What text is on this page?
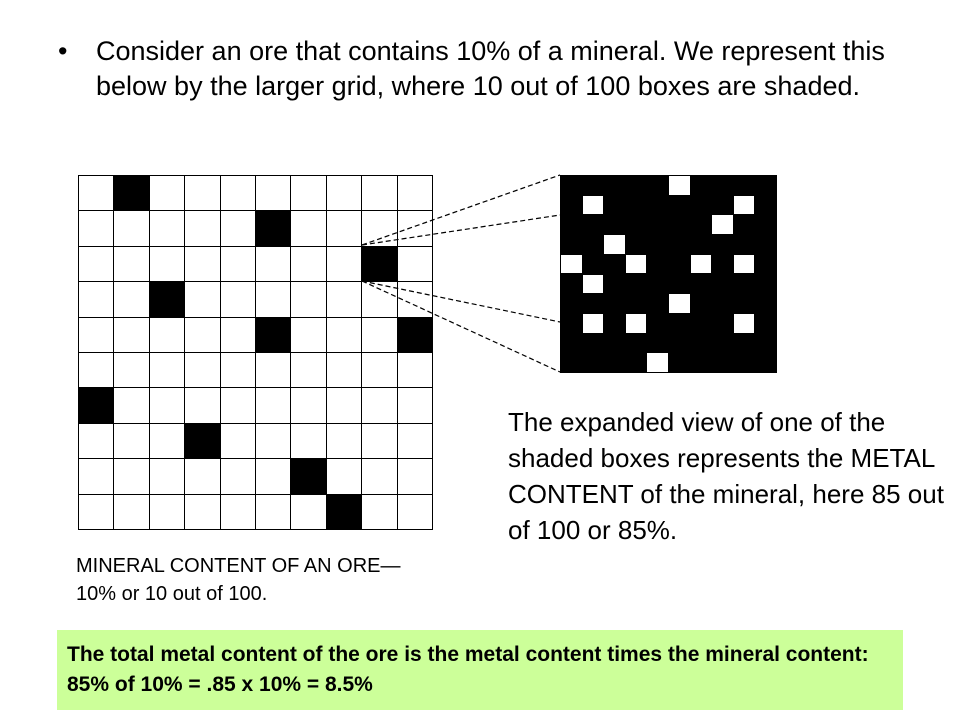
• Consider an ore that contains 10% of a mineral. We represent this below by the larger grid, where 10 out of 100 boxes are shaded.
MINERAL CONTENT OF AN ORE—10% or 10 out of 100.
The expanded view of one of the shaded boxes represents the METAL CONTENT of the mineral, here 85 out of 100 or 85%.
The total metal content of the ore is the metal content times the mineral content: 85% of 10% = .85 x 10% = 8.5%
